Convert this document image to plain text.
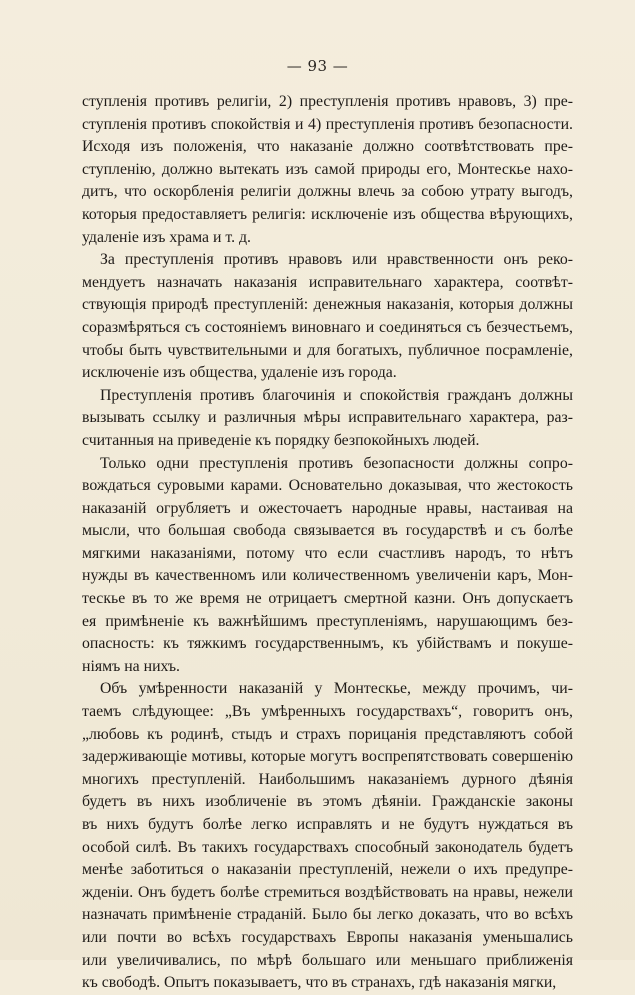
— 93 —
ступленія противъ религіи, 2) преступленія противъ нравовъ, 3) пре-
ступленія противъ спокойствія и 4) преступленія противъ безопасности.
Исходя изъ положенія, что наказаніе должно соотвѣтствовать пре-
ступленію, должно вытекать изъ самой природы его, Монтескье нахо-
дитъ, что оскорбленія религіи должны влечь за собою утрату выгодъ,
которыя предоставляетъ религія: исключеніе изъ общества вѣрующихъ,
удаленіе изъ храма и т. д.
За преступленія противъ нравовъ или нравственности онъ реко-
мендуетъ назначать наказанія исправительнаго характера, соотвѣт-
ствующія природѣ преступленій: денежныя наказанія, которыя должны
соразмѣряться съ состояніемъ виновнаго и соединяться съ безчестьемъ,
чтобы быть чувствительными и для богатыхъ, публичное посрамленіе,
исключеніе изъ общества, удаленіе изъ города.
Преступленія противъ благочинія и спокойствія гражданъ должны
вызывать ссылку и различныя мѣры исправительнаго характера, раз-
считанныя на приведеніе къ порядку безпокойныхъ людей.
Только одни преступленія противъ безопасности должны сопро-
вождаться суровыми карами. Основательно доказывая, что жестокость
наказаній огрубляетъ и ожесточаетъ народные нравы, настаивая на
мысли, что большая свобода связывается въ государствѣ и съ болѣе
мягкими наказаніями, потому что если счастливъ народъ, то нѣтъ
нужды въ качественномъ или количественномъ увеличеніи каръ, Мон-
тескье въ то же время не отрицаетъ смертной казни. Онъ допускаетъ
ея примѣненіе къ важнѣйшимъ преступленіямъ, нарушающимъ без-
опасность: къ тяжкимъ государственнымъ, къ убійствамъ и покуше-
ніямъ на нихъ.
Объ умѣренности наказаній у Монтескье, между прочимъ, чи-
таемъ слѣдующее: „Въ умѣренныхъ государствахъ“, говоритъ онъ,
„любовь къ родинѣ, стыдъ и страхъ порицанія представляютъ собой
задерживающіе мотивы, которые могутъ воспрепятствовать совершенію
многихъ преступленій. Наибольшимъ наказаніемъ дурного дѣянія
будетъ въ нихъ изобличеніе въ этомъ дѣяніи. Гражданскіе законы
въ нихъ будутъ болѣе легко исправлять и не будутъ нуждаться въ
особой силѣ. Въ такихъ государствахъ способный законодатель будетъ
менѣе заботиться о наказаніи преступленій, нежели о ихъ предупре-
жденіи. Онъ будетъ болѣе стремиться воздѣйствовать на нравы, нежели
назначать примѣненіе страданій. Было бы легко доказать, что во всѣхъ
или почти во всѣхъ государствахъ Европы наказанія уменьшались
или увеличивались, по мѣрѣ большаго или меньшаго приближенія
къ свободѣ. Опытъ показываетъ, что въ странахъ, гдѣ наказанія мягки,
